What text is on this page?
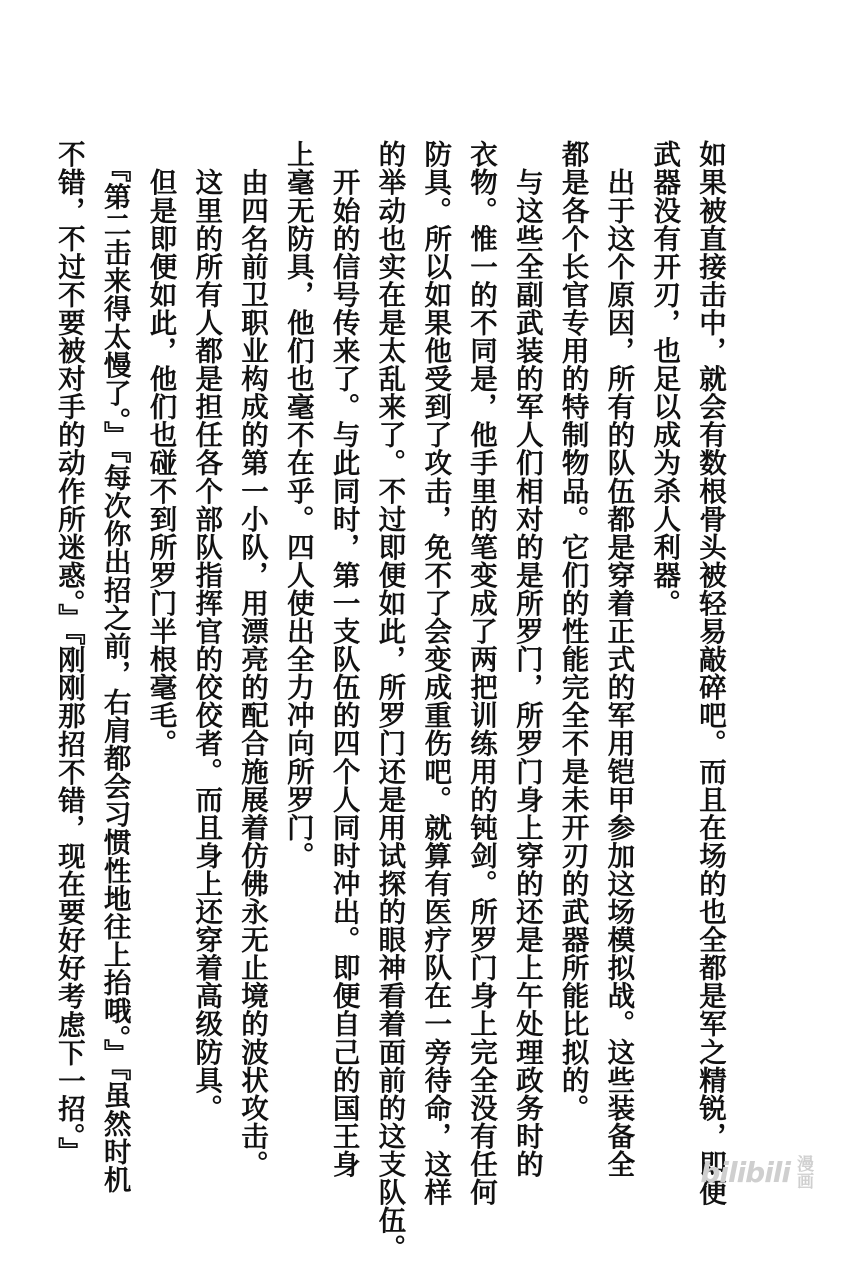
如果被直接击中，就会有数根骨头被轻易敲碎吧。而且在场的也全都是军之精锐，即便
武器没有开刃，也足以成为杀人利器。
　出于这个原因，所有的队伍都是穿着正式的军用铠甲参加这场模拟战。这些装备全
都是各个长官专用的特制物品。它们的性能完全不是未开刃的武器所能比拟的。
　与这些全副武装的军人们相对的是所罗门，所罗门身上穿的还是上午处理政务时的
衣物。惟一的不同是，他手里的笔变成了两把训练用的钝剑。所罗门身上完全没有任何
防具。所以如果他受到了攻击，免不了会变成重伤吧。就算有医疗队在一旁待命，这样
的举动也实在是太乱来了。不过即便如此，所罗门还是用试探的眼神看着面前的这支队伍。
　开始的信号传来了。与此同时，第一支队伍的四个人同时冲出。即便自己的国王身
上毫无防具，他们也毫不在乎。四人使出全力冲向所罗门。
　由四名前卫职业构成的第一小队，用漂亮的配合施展着仿佛永无止境的波状攻击。
　这里的所有人都是担任各个部队指挥官的佼佼者。而且身上还穿着高级防具。
　但是即便如此，他们也碰不到所罗门半根毫毛。
　『第二击来得太慢了。』『每次你出招之前，右肩都会习惯性地往上抬哦。』『虽然时机
不错，不过不要被对手的动作所迷惑。』『刚刚那招不错，现在要好好考虑下一招。』
bilibili 漫画
